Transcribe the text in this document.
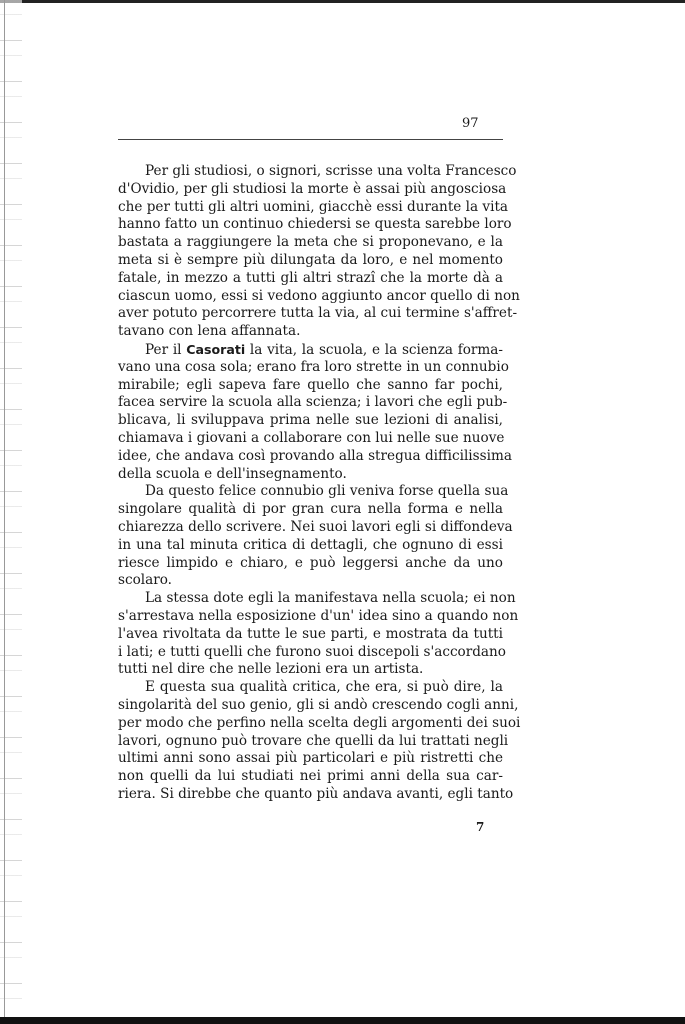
97
Per gli studiosi, o signori, scrisse una volta Francesco
d'Ovidio, per gli studiosi la morte è assai più angosciosa
che per tutti gli altri uomini, giacchè essi durante la vita
hanno fatto un continuo chiedersi se questa sarebbe loro
bastata a raggiungere la meta che si proponevano, e la
meta si è sempre più dilungata da loro, e nel momento
fatale, in mezzo a tutti gli altri strazî che la morte dà a
ciascun uomo, essi si vedono aggiunto ancor quello di non
aver potuto percorrere tutta la via, al cui termine s'affret-
tavano con lena affannata.
Per il Casorati la vita, la scuola, e la scienza forma-
vano una cosa sola; erano fra loro strette in un connubio
mirabile; egli sapeva fare quello che sanno far pochi,
facea servire la scuola alla scienza; i lavori che egli pub-
blicava, li sviluppava prima nelle sue lezioni di analisi,
chiamava i giovani a collaborare con lui nelle sue nuove
idee, che andava così provando alla stregua difficilissima
della scuola e dell'insegnamento.
Da questo felice connubio gli veniva forse quella sua
singolare qualità di por gran cura nella forma e nella
chiarezza dello scrivere. Nei suoi lavori egli si diffondeva
in una tal minuta critica di dettagli, che ognuno di essi
riesce limpido e chiaro, e può leggersi anche da uno
scolaro.
La stessa dote egli la manifestava nella scuola; ei non
s'arrestava nella esposizione d'un' idea sino a quando non
l'avea rivoltata da tutte le sue parti, e mostrata da tutti
i lati; e tutti quelli che furono suoi discepoli s'accordano
tutti nel dire che nelle lezioni era un artista.
E questa sua qualità critica, che era, si può dire, la
singolarità del suo genio, gli si andò crescendo cogli anni,
per modo che perfino nella scelta degli argomenti dei suoi
lavori, ognuno può trovare che quelli da lui trattati negli
ultimi anni sono assai più particolari e più ristretti che
non quelli da lui studiati nei primi anni della sua car-
riera. Si direbbe che quanto più andava avanti, egli tanto
7
